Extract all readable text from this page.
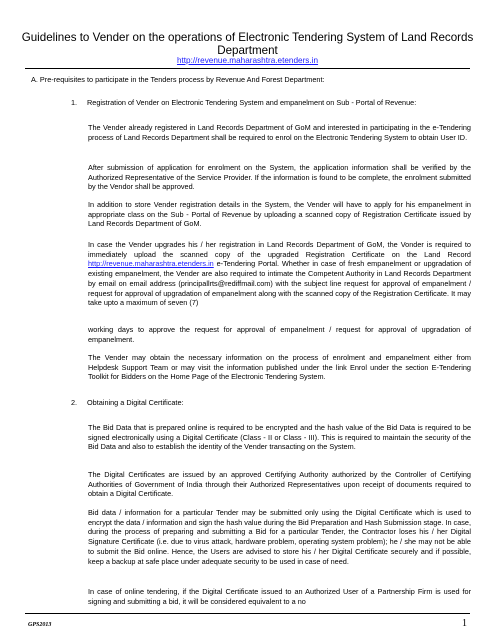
Guidelines to Vender on the operations of Electronic Tendering System of Land Records Department
http://revenue.maharashtra.etenders.in
A. Pre-requisites to participate in the Tenders process by Revenue And Forest Department:
1. Registration of Vender on Electronic Tendering System and empanelment on Sub - Portal of Revenue:
The Vender already registered in Land Records Department of GoM and interested in participating in the e-Tendering process of Land Records Department shall be required to enrol on the Electronic Tendering System to obtain User ID.
After submission of application for enrolment on the System, the application information shall be verified by the Authorized Representative of the Service Provider. If the information is found to be complete, the enrolment submitted by the Vendor shall be approved.
In addition to store Vender registration details in the System, the Vender will have to apply for his empanelment in appropriate class on the Sub - Portal of Revenue by uploading a scanned copy of Registration Certificate issued by Land Records Department of GoM.
In case the Vender upgrades his / her registration in Land Records Department of GoM, the Vonder is required to immediately upload the scanned copy of the upgraded Registration Certificate on the Land Record http://revenue.maharashtra.etenders.in e-Tendering Portal. Whether in case of fresh empanelment or upgradation of existing empanelment, the Vender are also required to intimate the Competent Authority in Land Records Department by email on email address (principallrts@rediffmail.com) with the subject line request for approval of empanelment / request for approval of upgradation of empanelment along with the scanned copy of the Registration Certificate. It may take upto a maximum of seven (7)
working days to approve the request for approval of empanelment / request for approval of upgradation of empanelment.
The Vender may obtain the necessary information on the process of enrolment and empanelment either from Helpdesk Support Team or may visit the information published under the link Enrol under the section E-Tendering Toolkit for Bidders on the Home Page of the Electronic Tendering System.
2. Obtaining a Digital Certificate:
The Bid Data that is prepared online is required to be encrypted and the hash value of the Bid Data is required to be signed electronically using a Digital Certificate (Class - II or Class - III). This is required to maintain the security of the Bid Data and also to establish the identity of the Vender transacting on the System.
The Digital Certificates are issued by an approved Certifying Authority authorized by the Controller of Certifying Authorities of Government of India through their Authorized Representatives upon receipt of documents required to obtain a Digital Certificate.
Bid data / information for a particular Tender may be submitted only using the Digital Certificate which is used to encrypt the data / information and sign the hash value during the Bid Preparation and Hash Submission stage. In case, during the process of preparing and submitting a Bid for a particular Tender, the Contractor loses his / her Digital Signature Certificate (i.e. due to virus attack, hardware problem, operating system problem); he / she may not be able to submit the Bid online. Hence, the Users are advised to store his / her Digital Certificate securely and if possible, keep a backup at safe place under adequate security to be used in case of need.
In case of online tendering, if the Digital Certificate issued to an Authorized User of a Partnership Firm is used for signing and submitting a bid, it will be considered equivalent to a no
GPS2013	1
